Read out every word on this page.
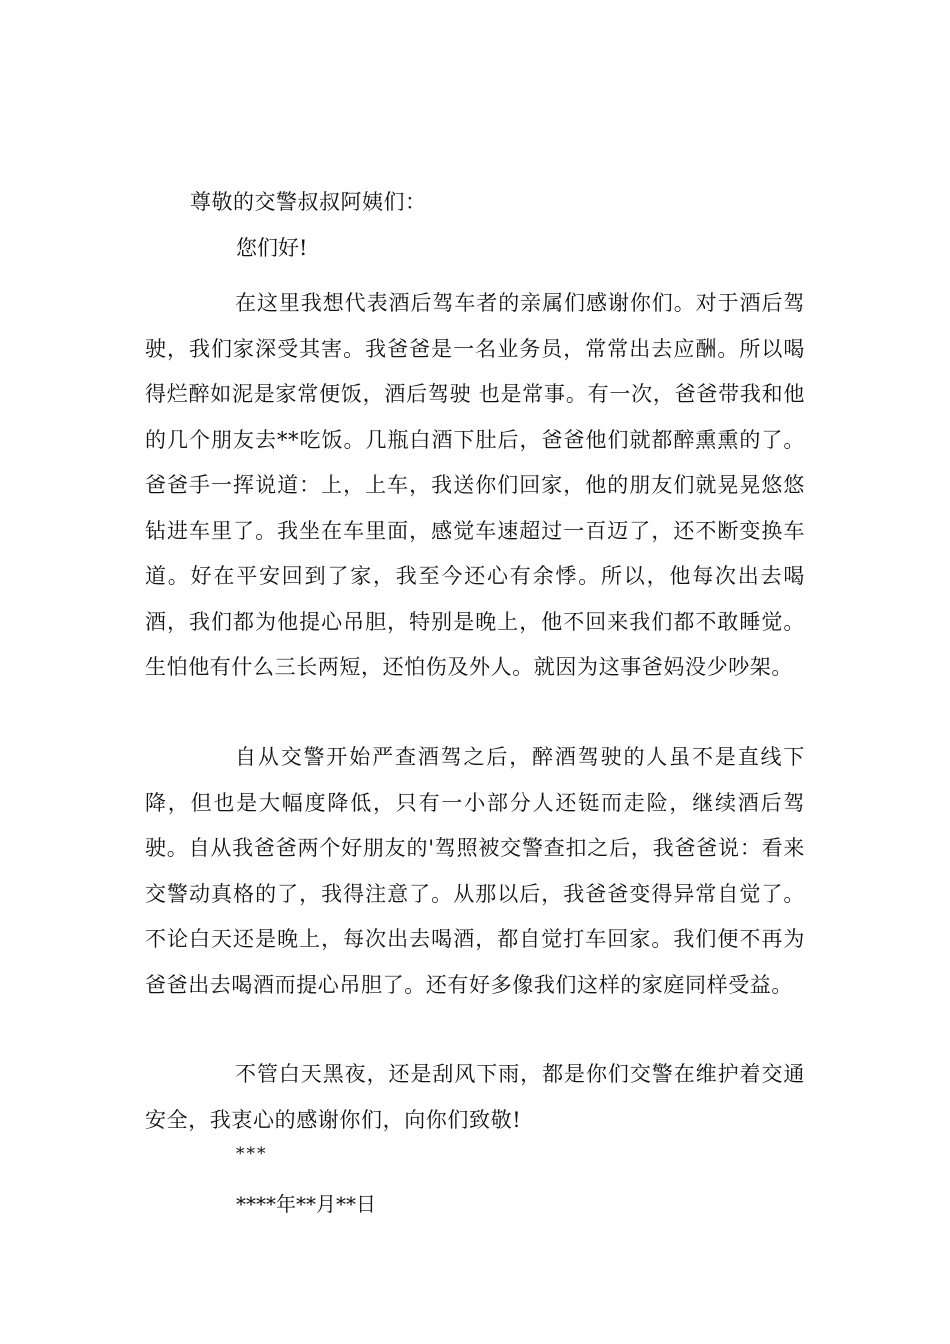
尊敬的交警叔叔阿姨们：
您们好!

在这里我想代表酒后驾车者的亲属们感谢你们。对于酒后驾驶，我们家深受其害。我爸爸是一名业务员，常常出去应酬。所以喝得烂醉如泥是家常便饭，酒后驾驶 也是常事。有一次，爸爸带我和他的几个朋友去**吃饭。几瓶白酒下肚后，爸爸他们就都醉熏熏的了。爸爸手一挥说道：上，上车，我送你们回家，他的朋友们就晃晃悠悠钻进车里了。我坐在车里面，感觉车速超过一百迈了，还不断变换车道。好在平安回到了家，我至今还心有余悸。所以，他每次出去喝酒，我们都为他提心吊胆，特别是晚上，他不回来我们都不敢睡觉。生怕他有什么三长两短，还怕伤及外人。就因为这事爸妈没少吵架。

自从交警开始严查酒驾之后，醉酒驾驶的人虽不是直线下降，但也是大幅度降低，只有一小部分人还铤而走险，继续酒后驾驶。自从我爸爸两个好朋友的'驾照被交警查扣之后，我爸爸说：看来交警动真格的了，我得注意了。从那以后，我爸爸变得异常自觉了。不论白天还是晚上，每次出去喝酒，都自觉打车回家。我们便不再为爸爸出去喝酒而提心吊胆了。还有好多像我们这样的家庭同样受益。

不管白天黑夜，还是刮风下雨，都是你们交警在维护着交通安全，我衷心的感谢你们，向你们致敬!

***
****年**月**日
